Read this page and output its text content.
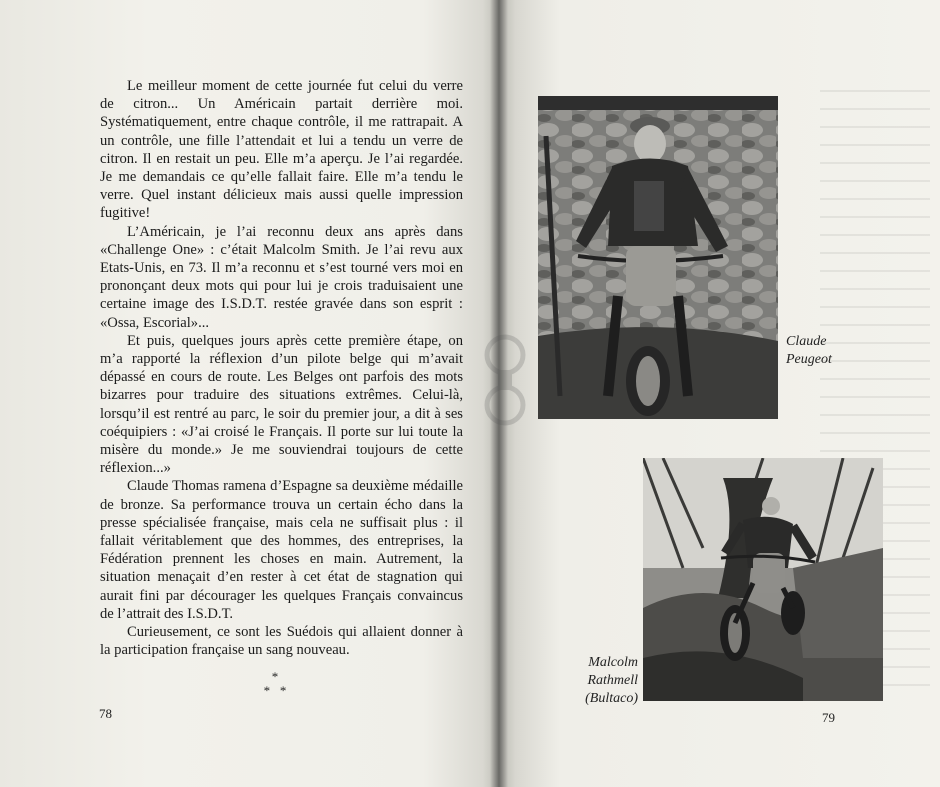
Le meilleur moment de cette journée fut celui du verre de citron... Un Américain partait derrière moi. Systématiquement, entre chaque contrôle, il me rattrapait. A un contrôle, une fille l’attendait et lui a tendu un verre de citron. Il en restait un peu. Elle m’a aperçu. Je l’ai regardée. Je me demandais ce qu’elle fallait faire. Elle m’a tendu le verre. Quel instant délicieux mais aussi quelle impression fugitive!

L’Américain, je l’ai reconnu deux ans après dans «Challenge One» : c’était Malcolm Smith. Je l’ai revu aux Etats-Unis, en 73. Il m’a reconnu et s’est tourné vers moi en prononçant deux mots qui pour lui je crois traduisaient une certaine image des I.S.D.T. restée gravée dans son esprit : «Ossa, Escorial»...

Et puis, quelques jours après cette première étape, on m’a rapporté la réflexion d’un pilote belge qui m’avait dépassé en cours de route. Les Belges ont parfois des mots bizarres pour traduire des situations extrêmes. Celui-là, lorsqu’il est rentré au parc, le soir du premier jour, a dit à ses coéquipiers : «J’ai croisé le Français. Il porte sur lui toute la misère du monde.» Je me souviendrai toujours de cette réflexion...»

Claude Thomas ramena d’Espagne sa deuxième médaille de bronze. Sa performance trouva un certain écho dans la presse spécialisée française, mais cela ne suffisait plus : il fallait véritablement que des hommes, des entreprises, la Fédération prennent les choses en main. Autrement, la situation menaçait d’en rester à cet état de stagnation qui aurait fini par décourager les quelques Français convaincus de l’attrait des I.S.D.T.

Curieusement, ce sont les Suédois qui allaient donner à la participation française un sang nouveau.

*
*   *
78
Claude
Peugeot
Malcolm
Rathmell
(Bultaco)
79
